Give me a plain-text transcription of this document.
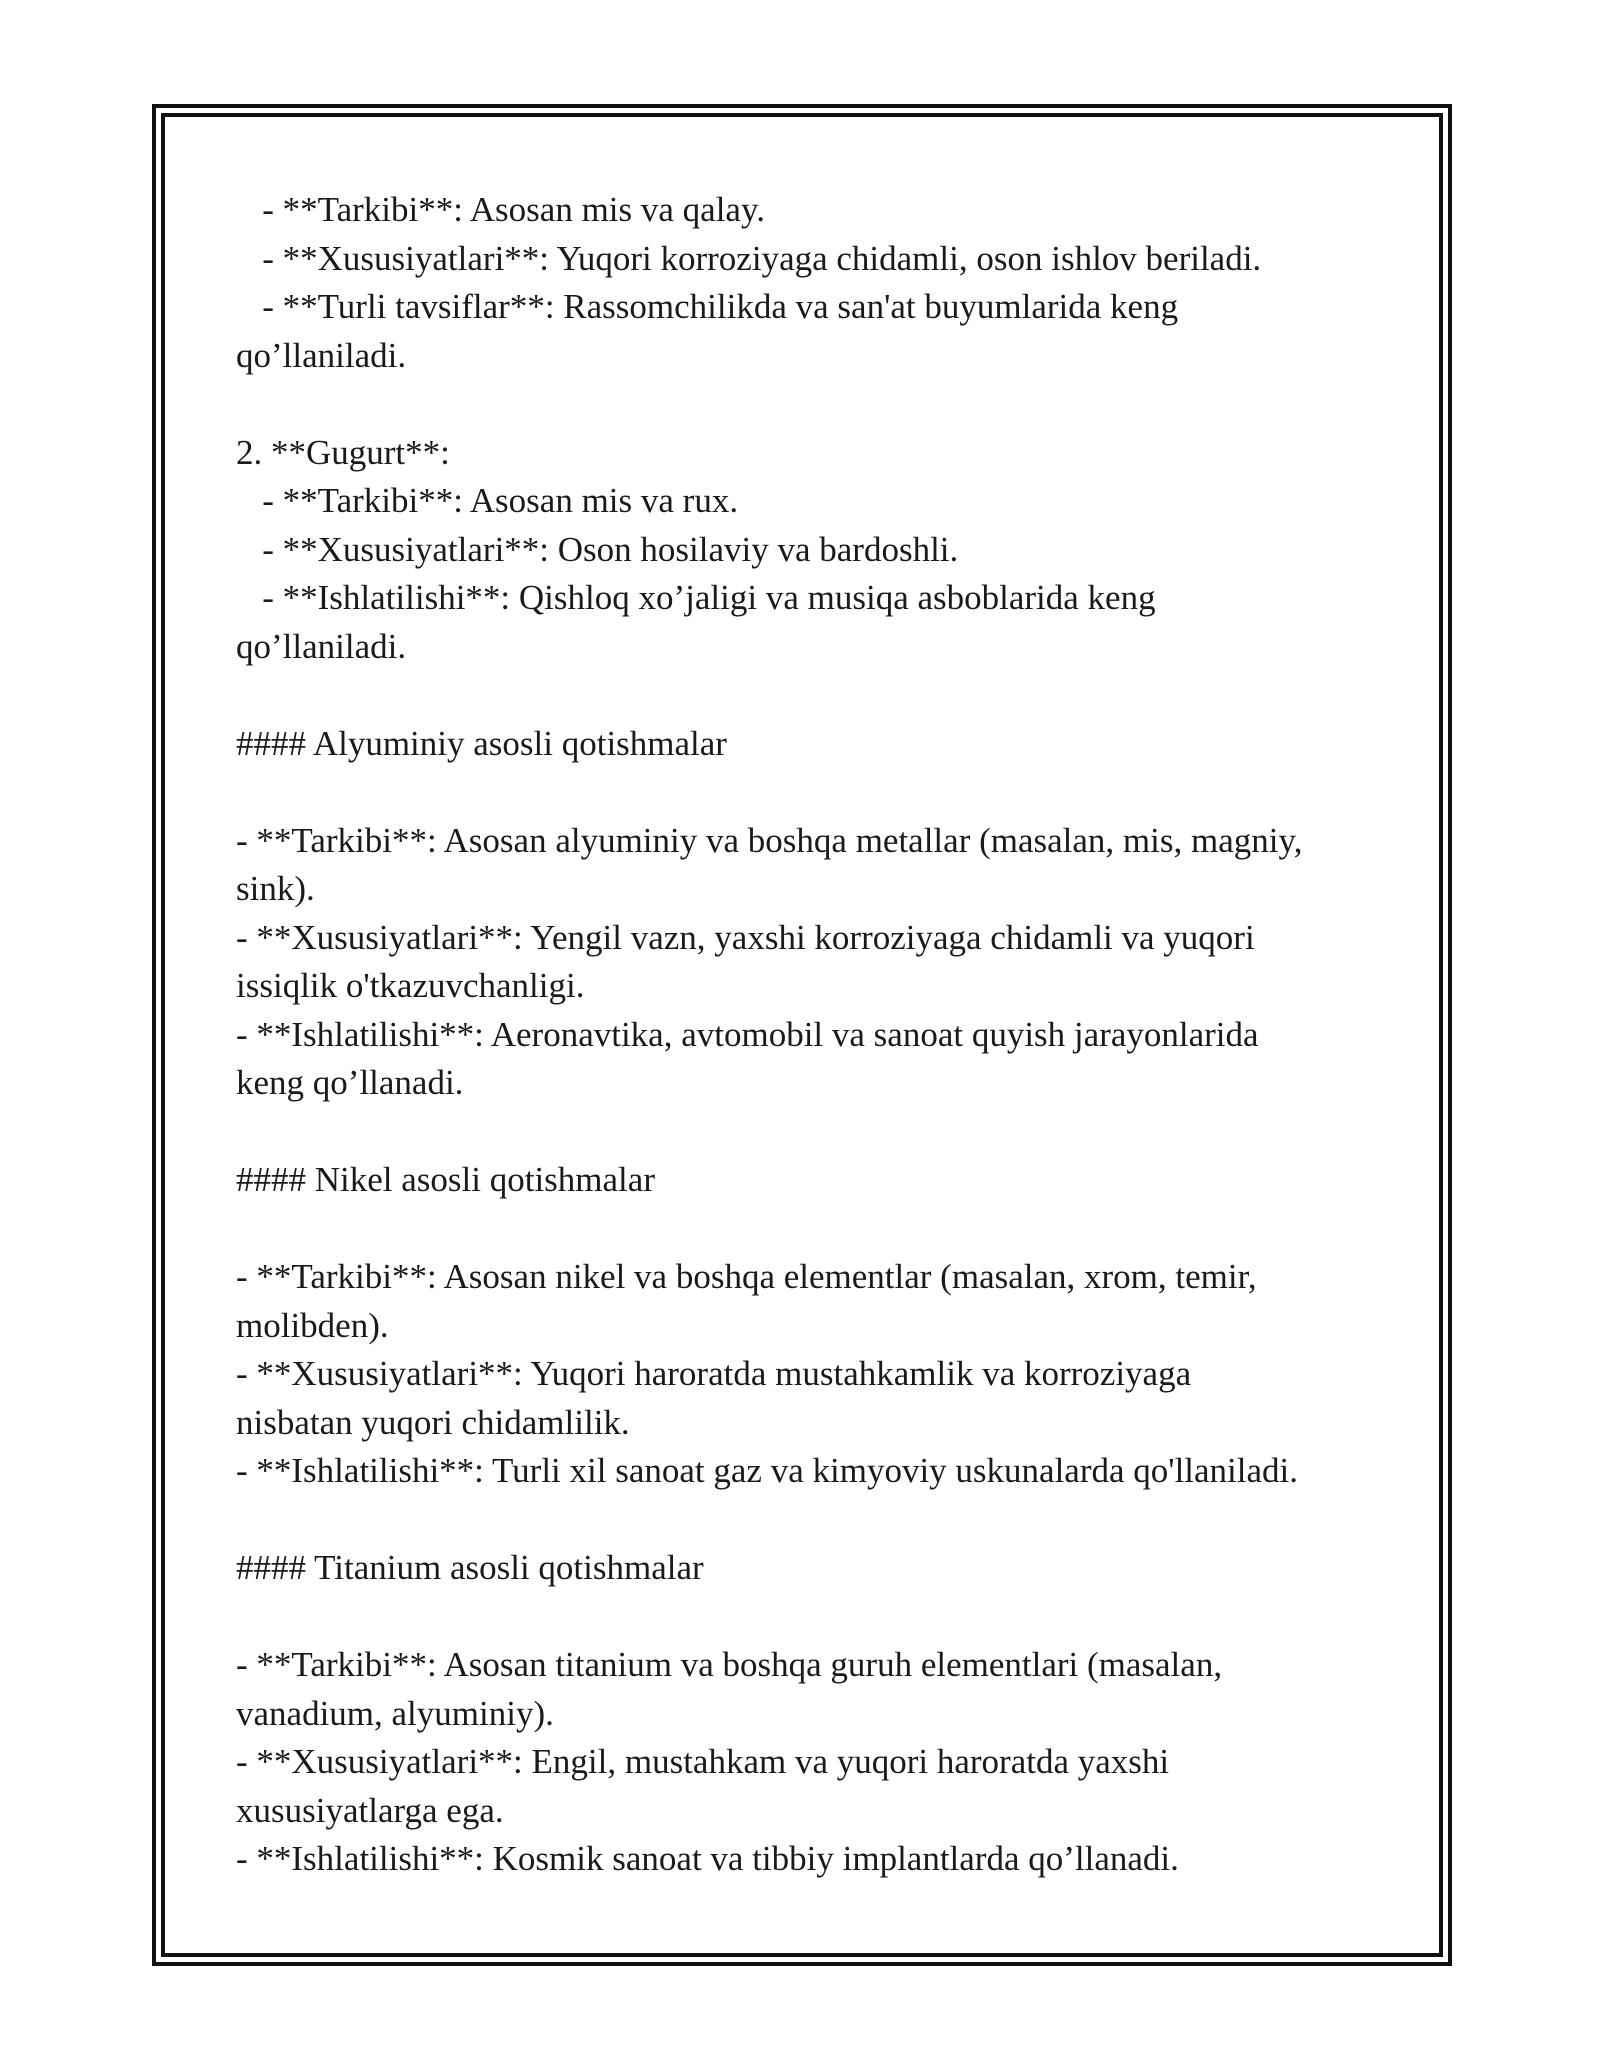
- **Tarkibi**: Asosan mis va qalay.
- **Xususiyatlari**: Yuqori korroziyaga chidamli, oson ishlov beriladi.
- **Turli tavsiflar**: Rassomchilikda va san'at buyumlarida keng
qo’llaniladi.
2. **Gugurt**:
- **Tarkibi**: Asosan mis va rux.
- **Xususiyatlari**: Oson hosilaviy va bardoshli.
- **Ishlatilishi**: Qishloq xo’jaligi va musiqa asboblarida keng
qo’llaniladi.
#### Alyuminiy asosli qotishmalar
- **Tarkibi**: Asosan alyuminiy va boshqa metallar (masalan, mis, magniy,
sink).
- **Xususiyatlari**: Yengil vazn, yaxshi korroziyaga chidamli va yuqori
issiqlik o'tkazuvchanligi.
- **Ishlatilishi**: Aeronavtika, avtomobil va sanoat quyish jarayonlarida
keng qo’llanadi.
#### Nikel asosli qotishmalar
- **Tarkibi**: Asosan nikel va boshqa elementlar (masalan, xrom, temir,
molibden).
- **Xususiyatlari**: Yuqori haroratda mustahkamlik va korroziyaga
nisbatan yuqori chidamlilik.
- **Ishlatilishi**: Turli xil sanoat gaz va kimyoviy uskunalarda qo'llaniladi.
#### Titanium asosli qotishmalar
- **Tarkibi**: Asosan titanium va boshqa guruh elementlari (masalan,
vanadium, alyuminiy).
- **Xususiyatlari**: Engil, mustahkam va yuqori haroratda yaxshi
xususiyatlarga ega.
- **Ishlatilishi**: Kosmik sanoat va tibbiy implantlarda qo’llanadi.
